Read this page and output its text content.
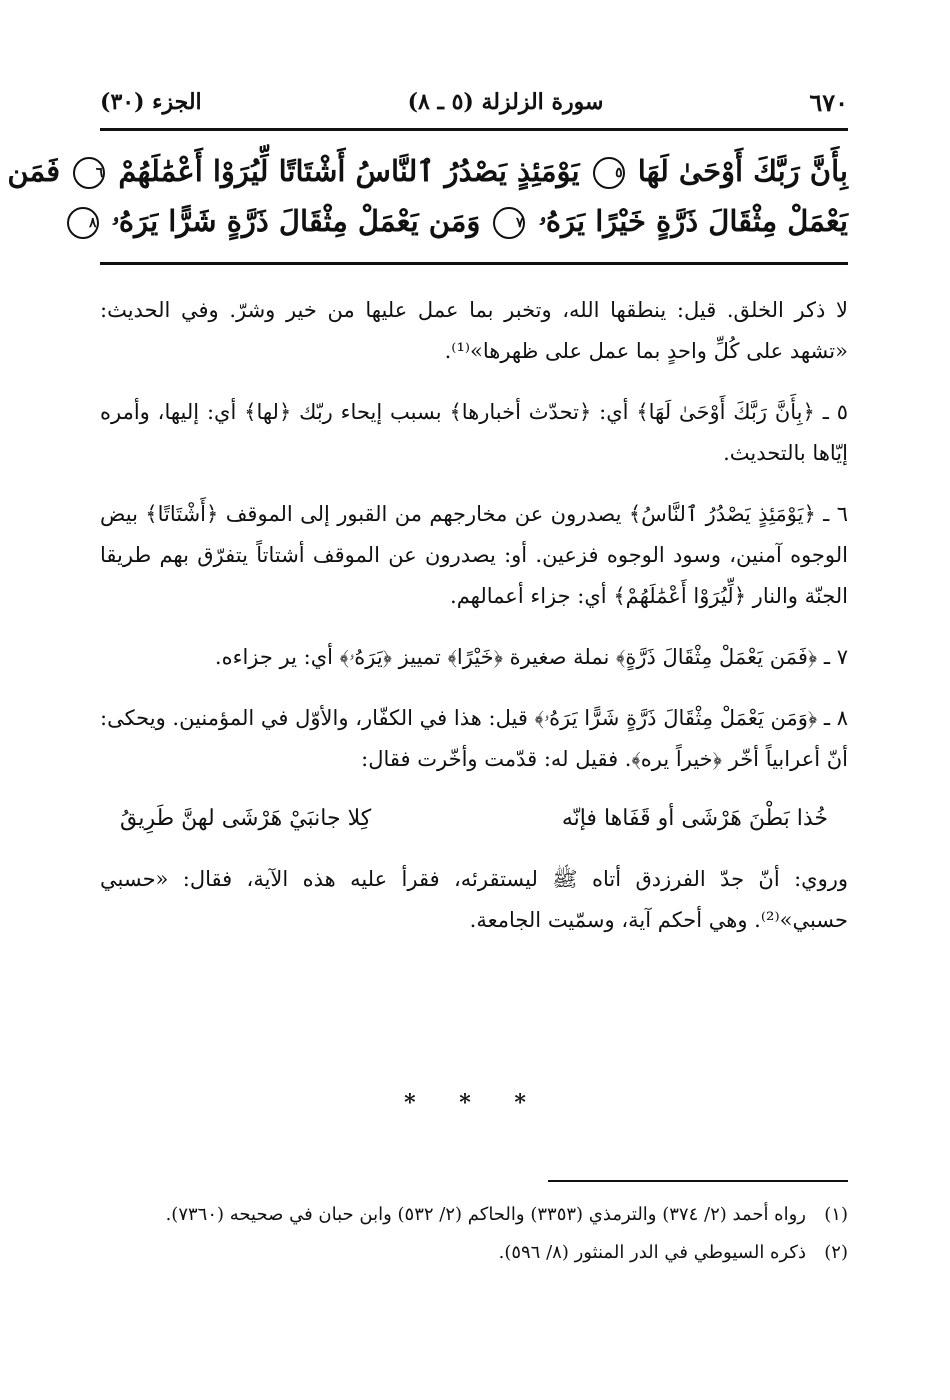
٦٧٠
سورة الزلزلة (٥ ـ ٨)
الجزء (٣٠)
بِأَنَّ رَبَّكَ أَوْحَىٰ لَهَا ٥ يَوْمَئِذٍ يَصْدُرُ ٱلنَّاسُ أَشْتَاتًا لِّيُرَوْا أَعْمَٰلَهُمْ ٦ فَمَن
يَعْمَلْ مِثْقَالَ ذَرَّةٍ خَيْرًا يَرَهُۥ ٧ وَمَن يَعْمَلْ مِثْقَالَ ذَرَّةٍ شَرًّا يَرَهُۥ ٨

لا ذكر الخلق. قيل: ينطقها الله، وتخبر بما عمل عليها من خير وشرّ. وفي الحديث: «تشهد على كُلِّ واحدٍ بما عمل على ظهرها»⁽¹⁾.

٥ ـ ﴿بِأَنَّ رَبَّكَ أَوْحَىٰ لَهَا﴾ أي: ﴿تحدّث أخبارها﴾ بسبب إيحاء ربّك ﴿لها﴾ أي: إليها، وأمره إيّاها بالتحديث.

٦ ـ ﴿يَوْمَئِذٍ يَصْدُرُ ٱلنَّاسُ﴾ يصدرون عن مخارجهم من القبور إلى الموقف ﴿أَشْتَاتًا﴾ بيض الوجوه آمنين، وسود الوجوه فزعين. أو: يصدرون عن الموقف أشتاتاً يتفرّق بهم طريقا الجنّة والنار ﴿لِّيُرَوْا أَعْمَٰلَهُمْ﴾ أي: جزاء أعمالهم.

٧ ـ ﴿فَمَن يَعْمَلْ مِثْقَالَ ذَرَّةٍ﴾ نملة صغيرة ﴿خَيْرًا﴾ تمييز ﴿يَرَهُۥ﴾ أي: ير جزاءه.

٨ ـ ﴿وَمَن يَعْمَلْ مِثْقَالَ ذَرَّةٍ شَرًّا يَرَهُۥ﴾ قيل: هذا في الكفّار، والأوّل في المؤمنين. ويحكى: أنّ أعرابياً أخّر ﴿خيراً يره﴾. فقيل له: قدّمت وأخّرت فقال:

خُذا بَطْنَ هَرْشَى أو قَفَاها فإنّه
كِلا جانبَيْ هَرْشَى لهنَّ طَرِيقُ

وروي: أنّ جدّ الفرزدق أتاه ﷺ ليستقرئه، فقرأ عليه هذه الآية، فقال: «حسبي حسبي»⁽²⁾. وهي أحكم آية، وسمّيت الجامعة.

* * *
(١)
رواه أحمد (٢/ ٣٧٤) والترمذي (٣٣٥٣) والحاكم (٢/ ٥٣٢) وابن حبان في صحيحه (٧٣٦٠).
(٢)
ذكره السيوطي في الدر المنثور (٨/ ٥٩٦).
